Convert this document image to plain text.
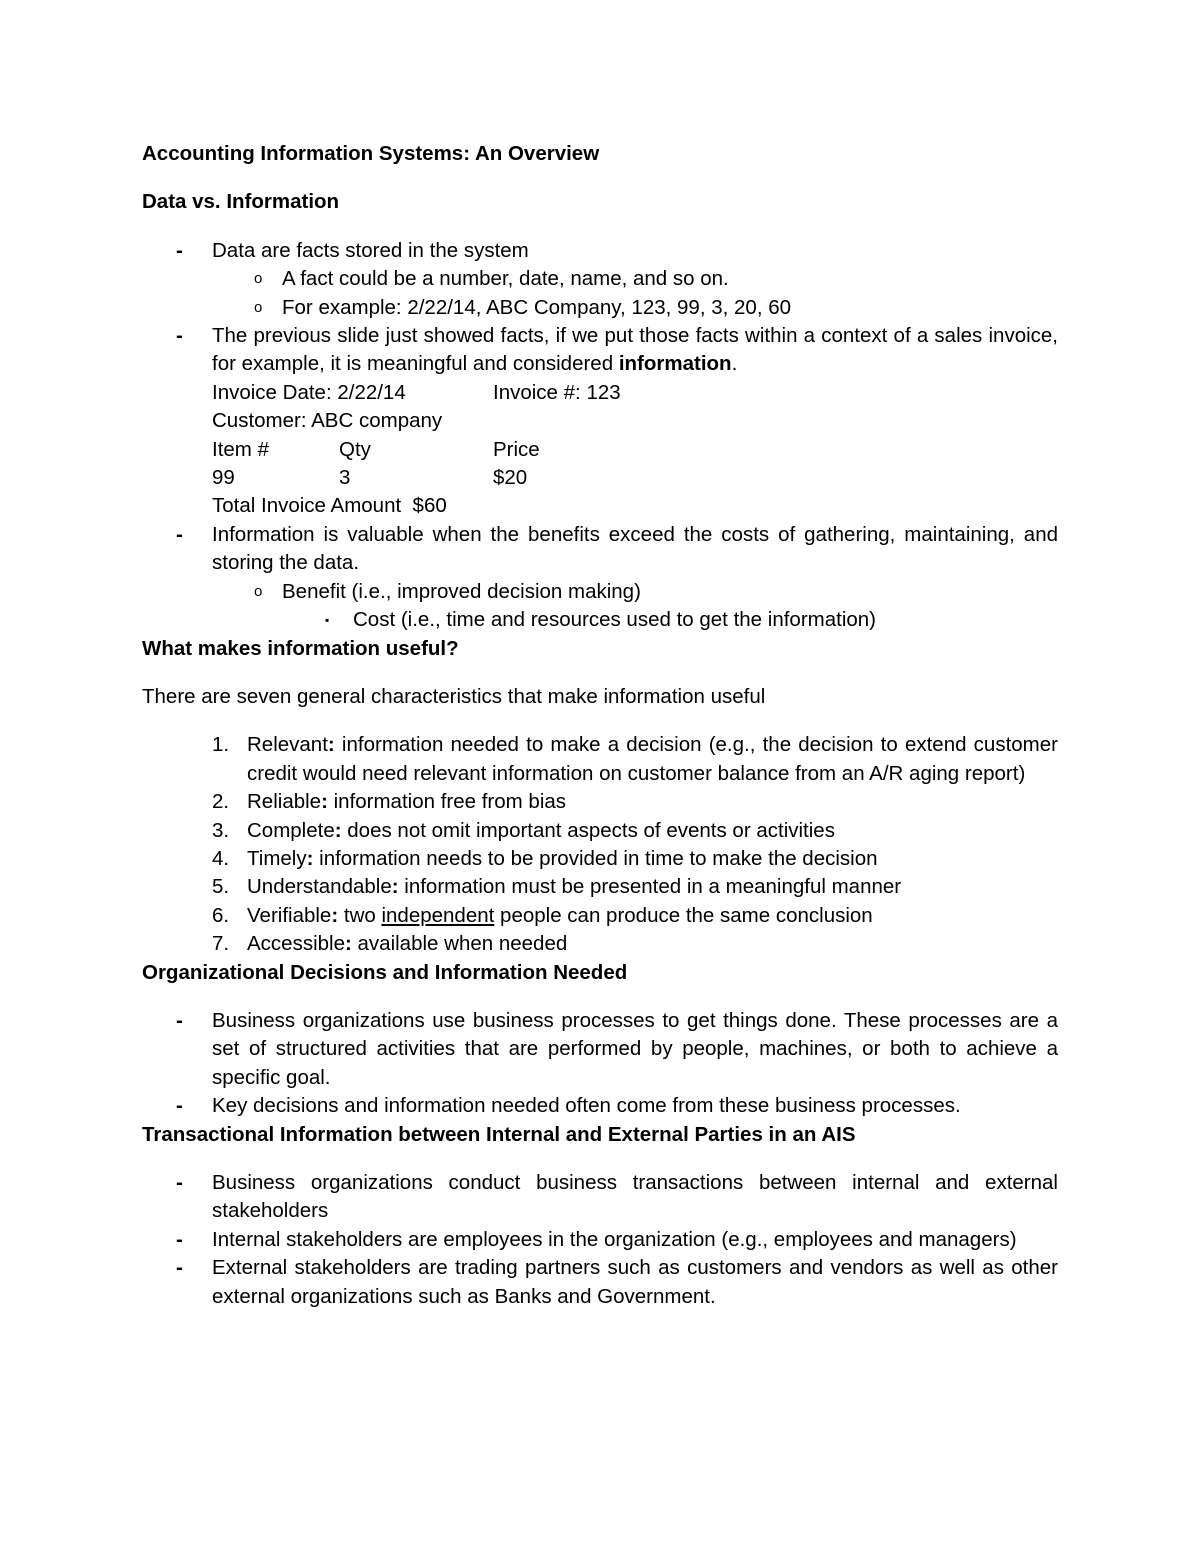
Accounting Information Systems: An Overview
Data vs. Information
- Data are facts stored in the system
o A fact could be a number, date, name, and so on.
o For example: 2/22/14, ABC Company, 123, 99, 3, 20, 60
- The previous slide just showed facts, if we put those facts within a context of a sales invoice, for example, it is meaningful and considered information.
Invoice Date: 2/22/14	Invoice #: 123
Customer: ABC company
Item #	Qty	Price
99	3	$20
Total Invoice Amount  $60
- Information is valuable when the benefits exceed the costs of gathering, maintaining, and storing the data.
o Benefit (i.e., improved decision making)
▪ Cost (i.e., time and resources used to get the information)
What makes information useful?

There are seven general characteristics that make information useful

1. Relevant: information needed to make a decision (e.g., the decision to extend customer credit would need relevant information on customer balance from an A/R aging report)
2. Reliable: information free from bias
3. Complete: does not omit important aspects of events or activities
4. Timely: information needs to be provided in time to make the decision
5. Understandable: information must be presented in a meaningful manner
6. Verifiable: two independent people can produce the same conclusion
7. Accessible: available when needed
Organizational Decisions and Information Needed
- Business organizations use business processes to get things done. These processes are a set of structured activities that are performed by people, machines, or both to achieve a specific goal.
- Key decisions and information needed often come from these business processes.
Transactional Information between Internal and External Parties in an AIS
- Business organizations conduct business transactions between internal and external stakeholders
- Internal stakeholders are employees in the organization (e.g., employees and managers)
- External stakeholders are trading partners such as customers and vendors as well as other external organizations such as Banks and Government.
